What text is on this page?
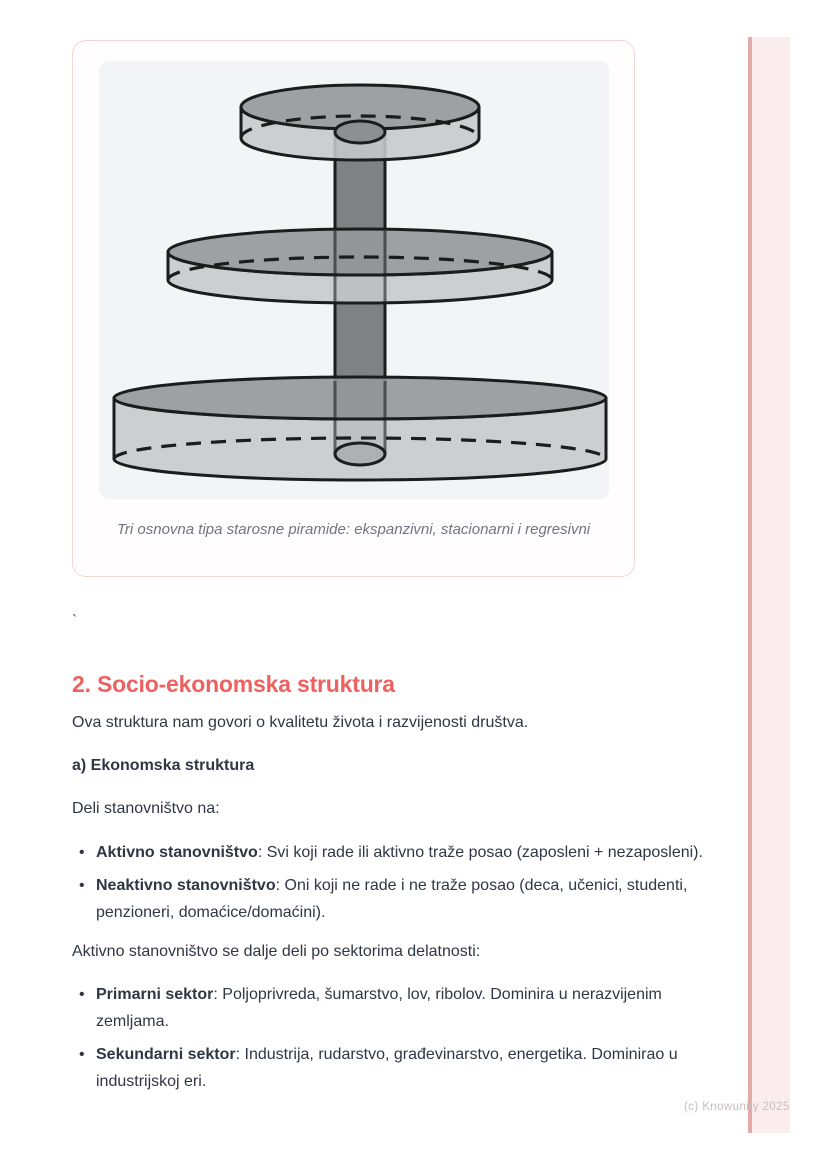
(c) Knowunity 2025
Tri osnovna tipa starosne piramide: ekspanzivni, stacionarni i regresivni
`
2. Socio-ekonomska struktura

Ova struktura nam govori o kvalitetu života i razvijenosti društva.

a) Ekonomska struktura

Deli stanovništvo na:

• Aktivno stanovništvo: Svi koji rade ili aktivno traže posao (zaposleni + nezaposleni).
• Neaktivno stanovništvo: Oni koji ne rade i ne traže posao (deca, učenici, studenti, penzioneri, domaćice/domaćini).

Aktivno stanovništvo se dalje deli po sektorima delatnosti:

• Primarni sektor: Poljoprivreda, šumarstvo, lov, ribolov. Dominira u nerazvijenim zemljama.
• Sekundarni sektor: Industrija, rudarstvo, građevinarstvo, energetika. Dominirao u industrijskoj eri.
